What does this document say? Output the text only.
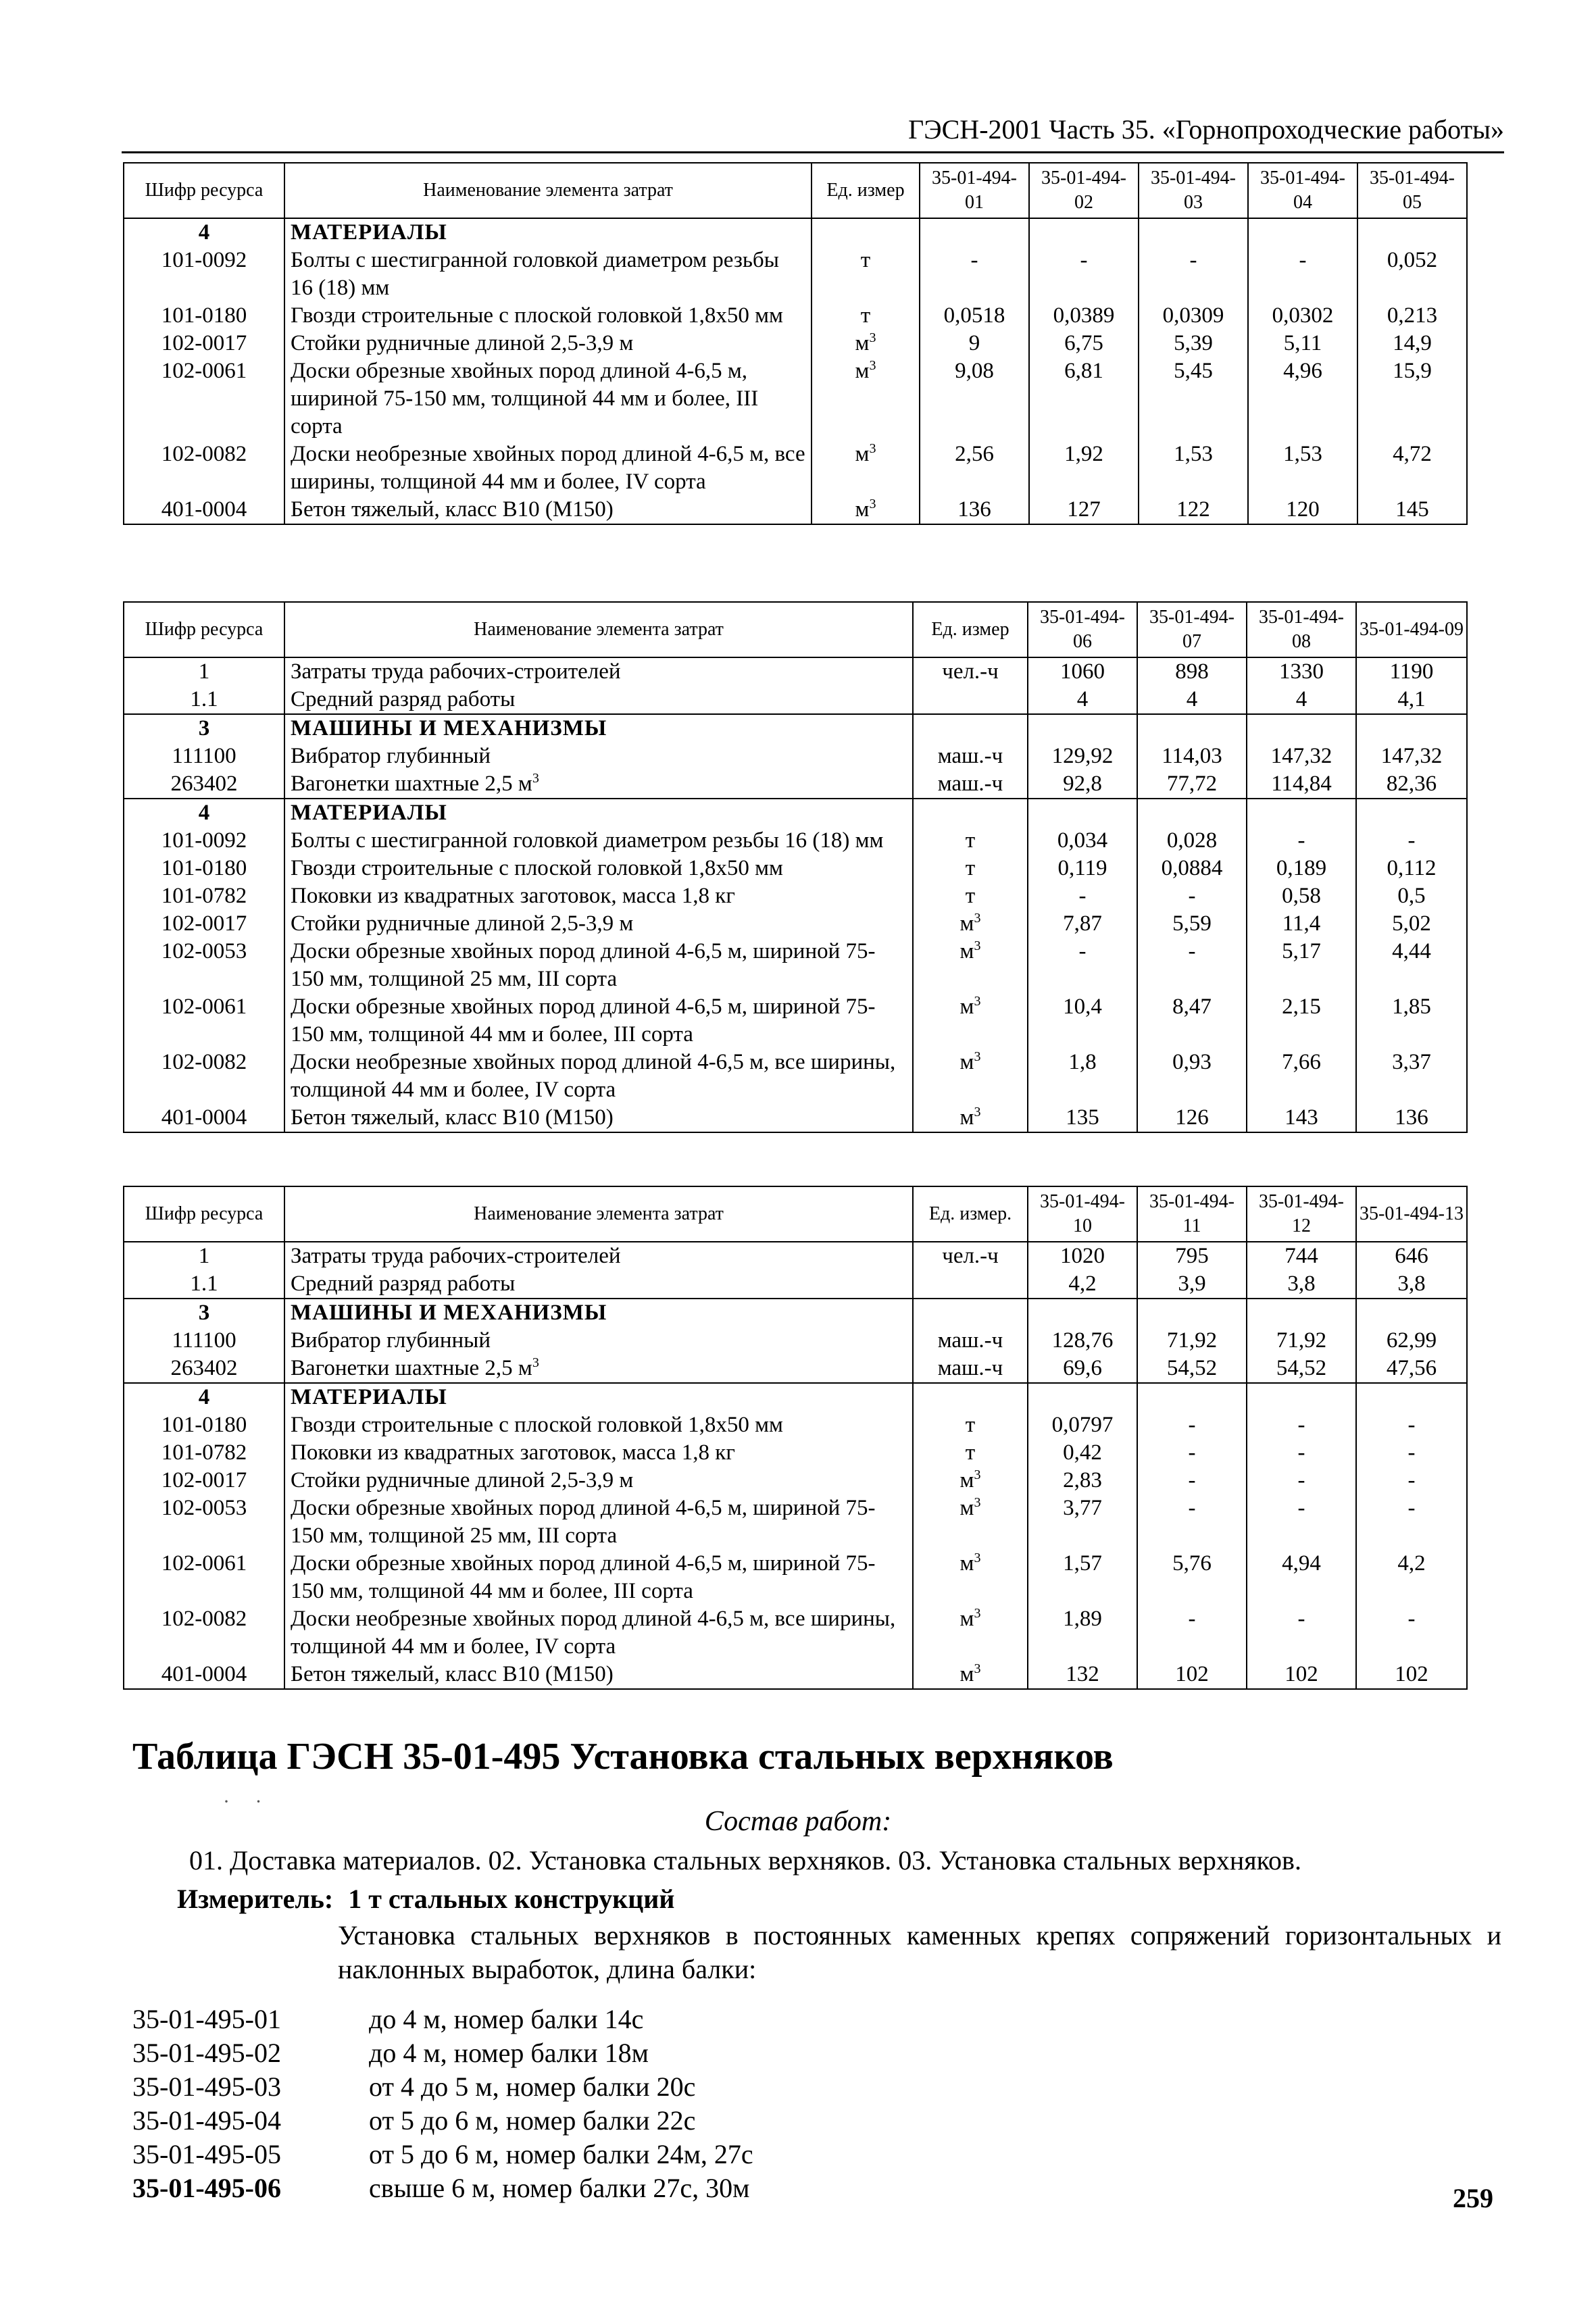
ГЭСН-2001 Часть 35. «Горнопроходческие работы»
Шифр ресурса	Наименование элемента затрат	Ед. измер	35-01-494-01	35-01-494-02	35-01-494-03	35-01-494-04	35-01-494-05
4	МАТЕРИАЛЫ						
101-0092	Болты с шестигранной головкой диаметром резьбы 16 (18) мм	т	-	-	-	-	0,052
101-0180	Гвозди строительные с плоской головкой 1,8х50 мм	т	0,0518	0,0389	0,0309	0,0302	0,213
102-0017	Стойки рудничные длиной 2,5-3,9 м	$м^3$	9	6,75	5,39	5,11	14,9
102-0061	Доски обрезные хвойных пород длиной 4-6,5 м, шириной 75-150 мм, толщиной 44 мм и более, III сорта	$м^3$	9,08	6,81	5,45	4,96	15,9
102-0082	Доски необрезные хвойных пород длиной 4-6,5 м, все ширины, толщиной 44 мм и более, IV сорта	$м^3$	2,56	1,92	1,53	1,53	4,72
401-0004	Бетон тяжелый, класс В10 (М150)	$м^3$	136	127	122	120	145
Шифр ресурса	Наименование элемента затрат	Ед. измер	35-01-494-06	35-01-494-07	35-01-494-08	35-01-494-09
1	Затраты труда рабочих-строителей	чел.-ч	1060	898	1330	1190
1.1	Средний разряд работы		4	4	4	4,1
3	МАШИНЫ И МЕХАНИЗМЫ					
111100	Вибратор глубинный	маш.-ч	129,92	114,03	147,32	147,32
263402	Вагонетки шахтные 2,5 $м^3$	маш.-ч	92,8	77,72	114,84	82,36
4	МАТЕРИАЛЫ					
101-0092	Болты с шестигранной головкой диаметром резьбы 16 (18) мм	т	0,034	0,028	-	-
101-0180	Гвозди строительные с плоской головкой 1,8х50 мм	т	0,119	0,0884	0,189	0,112
101-0782	Поковки из квадратных заготовок, масса 1,8 кг	т	-	-	0,58	0,5
102-0017	Стойки рудничные длиной 2,5-3,9 м	$м^3$	7,87	5,59	11,4	5,02
102-0053	Доски обрезные хвойных пород длиной 4-6,5 м, шириной 75-150 мм, толщиной 25 мм, III сорта	$м^3$	-	-	5,17	4,44
102-0061	Доски обрезные хвойных пород длиной 4-6,5 м, шириной 75-150 мм, толщиной 44 мм и более, III сорта	$м^3$	10,4	8,47	2,15	1,85
102-0082	Доски необрезные хвойных пород длиной 4-6,5 м, все ширины, толщиной 44 мм и более, IV сорта	$м^3$	1,8	0,93	7,66	3,37
401-0004	Бетон тяжелый, класс В10 (М150)	$м^3$	135	126	143	136
Шифр ресурса	Наименование элемента затрат	Ед. измер.	35-01-494-10	35-01-494-11	35-01-494-12	35-01-494-13
1	Затраты труда рабочих-строителей	чел.-ч	1020	795	744	646
1.1	Средний разряд работы		4,2	3,9	3,8	3,8
3	МАШИНЫ И МЕХАНИЗМЫ					
111100	Вибратор глубинный	маш.-ч	128,76	71,92	71,92	62,99
263402	Вагонетки шахтные 2,5 $м^3$	маш.-ч	69,6	54,52	54,52	47,56
4	МАТЕРИАЛЫ					
101-0180	Гвозди строительные с плоской головкой 1,8х50 мм	т	0,0797	-	-	-
101-0782	Поковки из квадратных заготовок, масса 1,8 кг	т	0,42	-	-	-
102-0017	Стойки рудничные длиной 2,5-3,9 м	$м^3$	2,83	-	-	-
102-0053	Доски обрезные хвойных пород длиной 4-6,5 м, шириной 75-150 мм, толщиной 25 мм, III сорта	$м^3$	3,77	-	-	-
102-0061	Доски обрезные хвойных пород длиной 4-6,5 м, шириной 75-150 мм, толщиной 44 мм и более, III сорта	$м^3$	1,57	5,76	4,94	4,2
102-0082	Доски необрезные хвойных пород длиной 4-6,5 м, все ширины, толщиной 44 мм и более, IV сорта	$м^3$	1,89	-	-	-
401-0004	Бетон тяжелый, класс В10 (М150)	$м^3$	132	102	102	102
Таблица ГЭСН 35-01-495 Установка стальных верхняков
·     ·
Состав работ:
01. Доставка материалов. 02. Установка стальных верхняков. 03. Установка стальных верхняков.
Измеритель: 1 т стальных конструкций
Установка стальных верхняков в постоянных каменных крепях сопряжений горизонтальных и наклонных выработок, длина балки:
35-01-495-01	до 4 м, номер балки 14с
35-01-495-02	до 4 м, номер балки 18м
35-01-495-03	от 4 до 5 м, номер балки 20с
35-01-495-04	от 5 до 6 м, номер балки 22с
35-01-495-05	от 5 до 6 м, номер балки 24м, 27с
35-01-495-06	свыше 6 м, номер балки 27с, 30м	259
